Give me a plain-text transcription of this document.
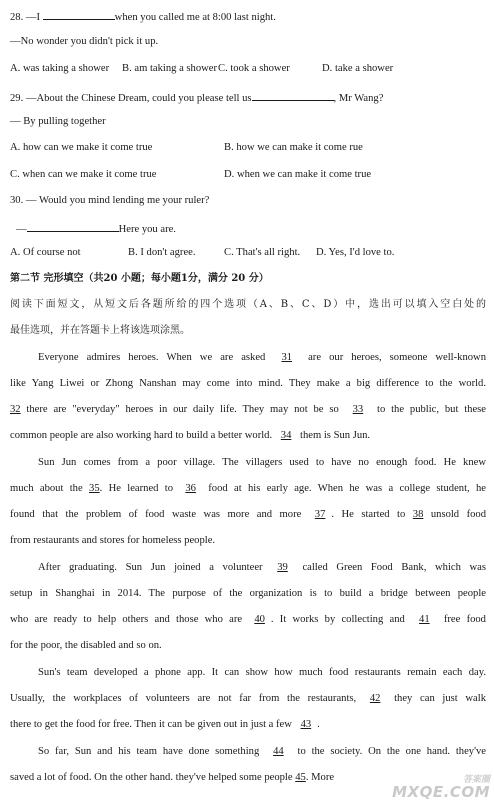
28. —I	when you called me at 8:00 last night.
—No wonder you didn't pick it up.
A. was taking a shower B. am taking a showerC. took a shower	D. take a shower
29. —About the Chinese Dream, could you please tell us	, Mr Wang?
— By pulling together
A. how can we make it come true	B. how we can make it come rue
C. when can we make it come true	D. when we can make it come true
30. — Would you mind lending me your ruler?
—	Here you are.
A. Of course not	B. I don't agree.	C. That's all right. D. Yes, I'd love to.
第二节 完形填空（共20 小题；每小题1分，满分 20 分）
阅读下面短文，从短文后各题所给的四个选项（A、B、C、D）中，选出可以填入空白处的
最佳选项，并在答题卡上将该选项涂黑。
Everyone admires heroes. When we are asked 31 are our heroes, someone well-known
like Yang Liwei or Zhong Nanshan may come into mind. They make a big difference to the world.
32 there are "everyday" heroes in our daily life. They may not be so 33 to the public, but these
common people are also working hard to build a better world. 34 them is Sun Jun.
Sun Jun comes from a poor village. The villagers used to have no enough food. He knew
much about the 35. He learned to 36 food at his early age. When he was a college student, he
found that the problem of food waste was more and more 37 . He started to 38 unsold food
from restaurants and stores for homeless people.
After graduating. Sun Jun joined a volunteer 39 called Green Food Bank, which was
setup in Shanghai in 2014. The purpose of the organization is to build a bridge between people
who are ready to help others and those who are 40 . It works by collecting and 41 free food
for the poor, the disabled and so on.
Sun's team developed a phone app. It can show how much food restaurants remain each day.
Usually, the workplaces of volunteers are not far from the restaurants, 42 they can just walk
there to get the food for free. Then it can be given out in just a few 43 .
So far, Sun and his team have done something 44 to the society. On the one hand. they've
saved a lot of food. On the other hand. they've helped some people 45. More	答案圈
MXQE.COM
